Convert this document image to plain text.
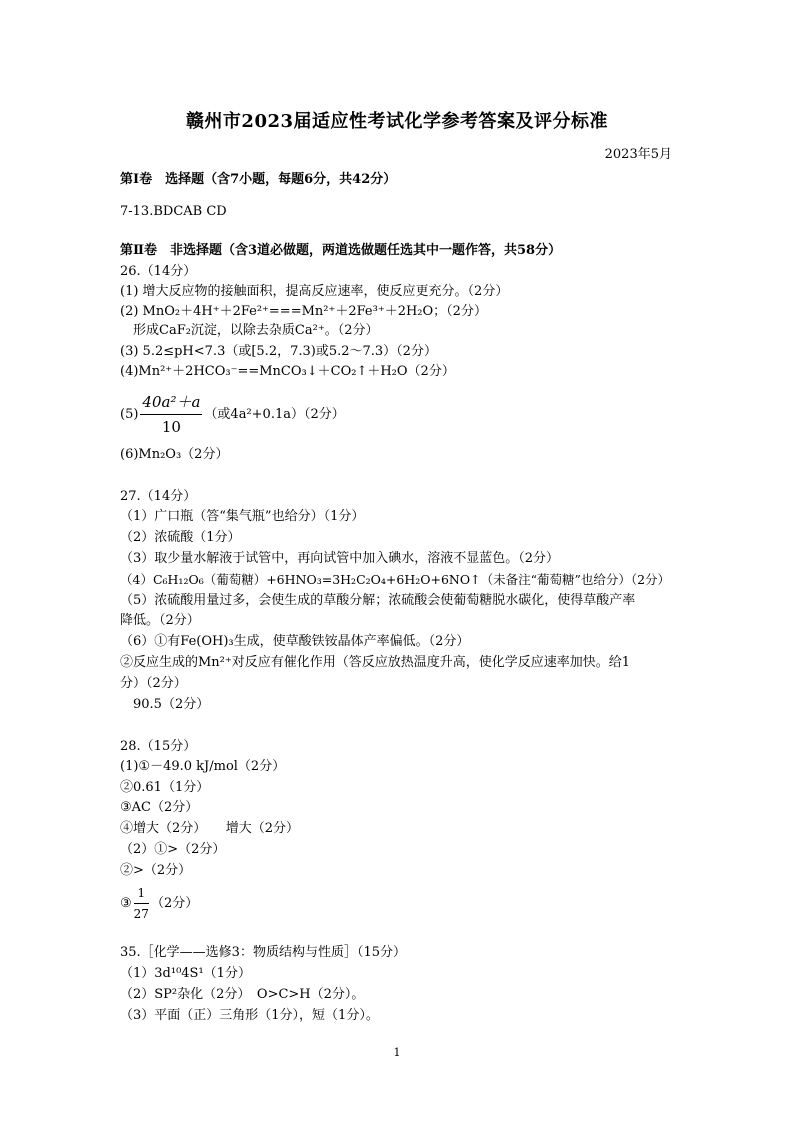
赣州市2023届适应性考试化学参考答案及评分标准
2023年5月
第Ⅰ卷　选择题（含7小题，每题6分，共42分）
7-13.BDCAB CD
第Ⅱ卷　非选择题（含3道必做题，两道选做题任选其中一题作答，共58分）
26.（14分）
(1) 增大反应物的接触面积，提高反应速率，使反应更充分。（2分）
(2) MnO₂＋4H⁺＋2Fe²⁺===Mn²⁺＋2Fe³⁺＋2H₂O；（2分）
形成CaF₂沉淀，以除去杂质Ca²⁺。（2分）
(3) 5.2≤pH<7.3（或[5.2，7.3)或5.2〜7.3）（2分）
(4)Mn²⁺＋2HCO₃⁻==MnCO₃↓＋CO₂↑＋H₂O（2分）
$(5) \frac{\text{40a²＋a}}{10}$ （或4a²+0.1a）（2分）
(6)Mn₂O₃（2分）
27.（14分）
（1）广口瓶（答“集气瓶”也给分）（1分）
（2）浓硫酸（1分）
（3）取少量水解液于试管中，再向试管中加入碘水，溶液不显蓝色。（2分）
（4）C₆H₁₂O₆（葡萄糖）+6HNO₃=3H₂C₂O₄+6H₂O+6NO↑（未备注“葡萄糖”也给分）（2分）
（5）浓硫酸用量过多，会使生成的草酸分解；浓硫酸会使葡萄糖脱水碳化，使得草酸产率
降低。（2分）
（6）①有Fe(OH)₃生成，使草酸铁铵晶体产率偏低。（2分）
②反应生成的Mn²⁺对反应有催化作用（答反应放热温度升高，使化学反应速率加快。给1
分）（2分）
90.5（2分）
28.（15分）
(1)①－49.0 kJ/mol（2分）
②0.61（1分）
③AC（2分）
④增大（2分）　　增大（2分）
（2）①>（2分）
②>（2分）
③ $\frac{1}{27} (2$分）
35.［化学——选修3：物质结构与性质］（15分）
（1）3d¹⁰4S¹（1分）
（2）SP²杂化（2分）　O>C>H（2分）。
（3）平面（正）三角形（1分），短（1分）。
1
